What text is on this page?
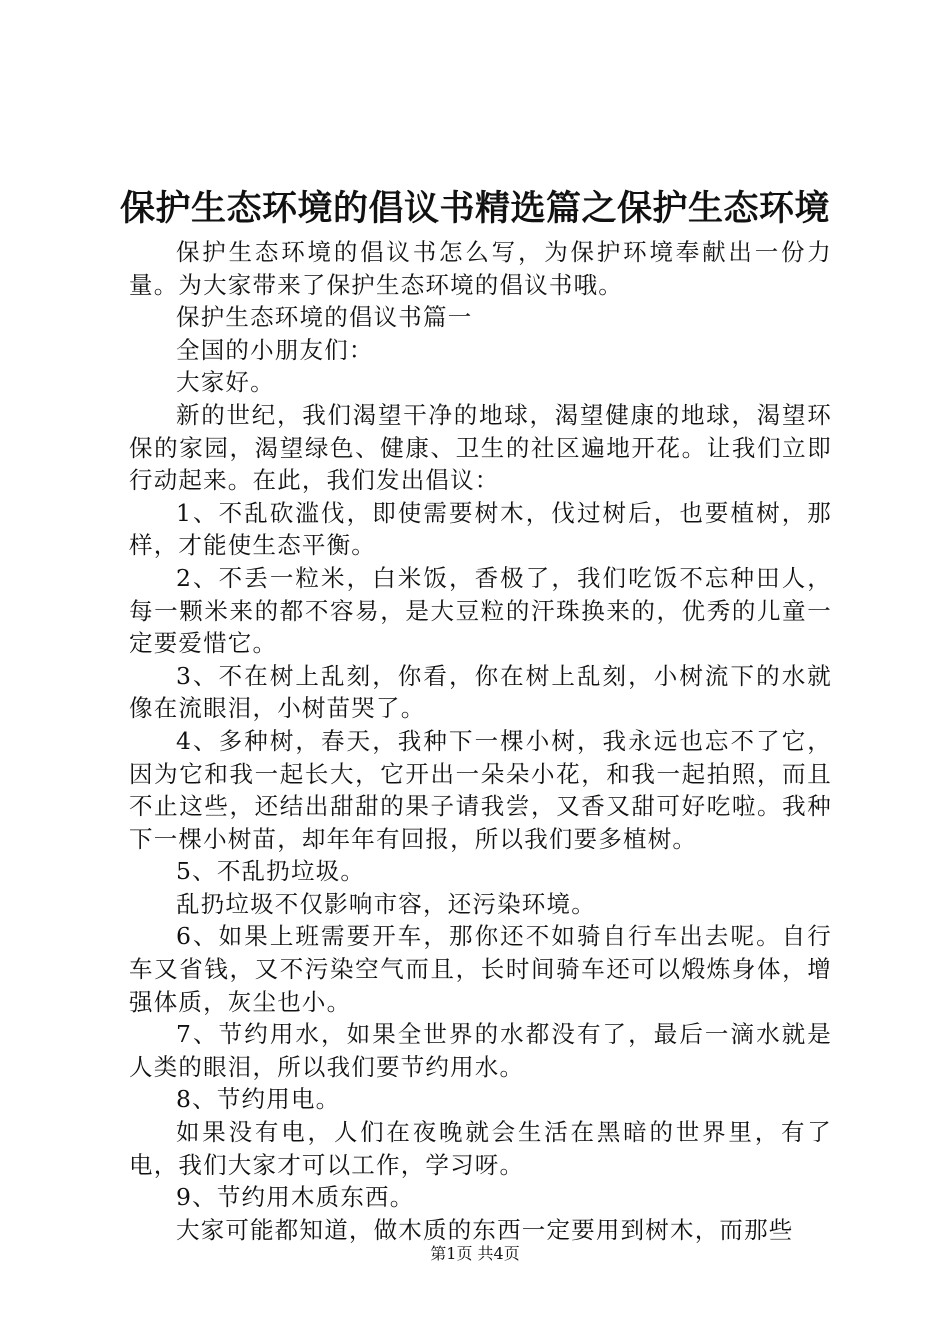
保护生态环境的倡议书精选篇之保护生态环境

保护生态环境的倡议书怎么写，为保护环境奉献出一份力量。为大家带来了保护生态环境的倡议书哦。

保护生态环境的倡议书篇一

全国的小朋友们：

大家好。

新的世纪，我们渴望干净的地球，渴望健康的地球，渴望环保的家园，渴望绿色、健康、卫生的社区遍地开花。让我们立即行动起来。在此，我们发出倡议：

1、不乱砍滥伐，即使需要树木，伐过树后，也要植树，那样，才能使生态平衡。

2、不丢一粒米，白米饭，香极了，我们吃饭不忘种田人，每一颗米来的都不容易，是大豆粒的汗珠换来的，优秀的儿童一定要爱惜它。

3、不在树上乱刻，你看，你在树上乱刻，小树流下的水就像在流眼泪，小树苗哭了。

4、多种树，春天，我种下一棵小树，我永远也忘不了它，因为它和我一起长大，它开出一朵朵小花，和我一起拍照，而且不止这些，还结出甜甜的果子请我尝，又香又甜可好吃啦。我种下一棵小树苗，却年年有回报，所以我们要多植树。

5、不乱扔垃圾。

乱扔垃圾不仅影响市容，还污染环境。

6、如果上班需要开车，那你还不如骑自行车出去呢。自行车又省钱，又不污染空气而且，长时间骑车还可以煅炼身体，增强体质，灰尘也小。

7、节约用水，如果全世界的水都没有了，最后一滴水就是人类的眼泪，所以我们要节约用水。

8、节约用电。

如果没有电，人们在夜晚就会生活在黑暗的世界里，有了电，我们大家才可以工作，学习呀。

9、节约用木质东西。

大家可能都知道，做木质的东西一定要用到树木，而那些

第1页 共4页
